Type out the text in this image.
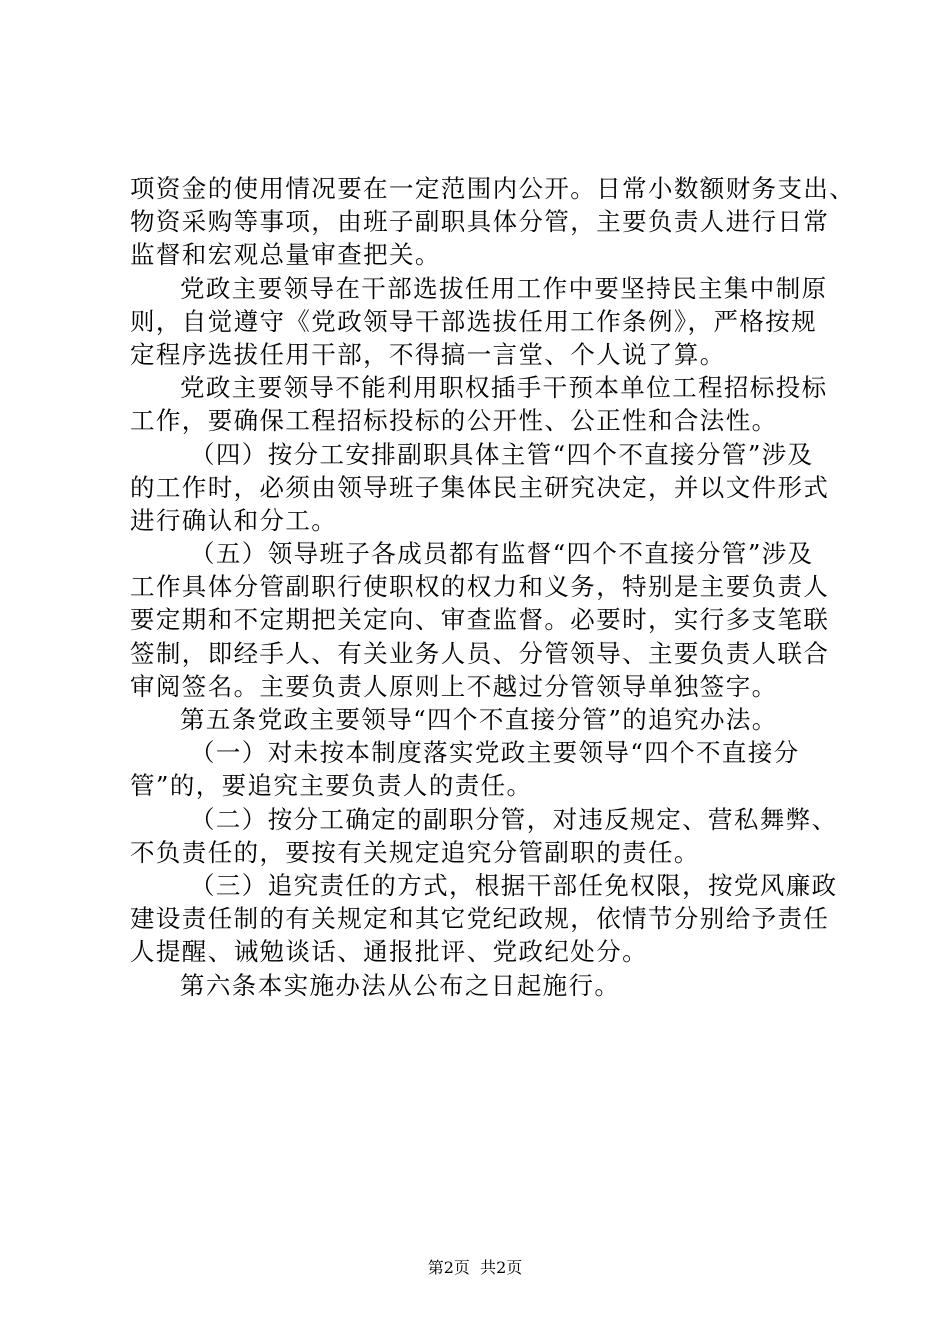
项资金的使用情况要在一定范围内公开。日常小数额财务支出、
物资采购等事项，由班子副职具体分管，主要负责人进行日常
监督和宏观总量审查把关。
党政主要领导在干部选拔任用工作中要坚持民主集中制原
则，自觉遵守《党政领导干部选拔任用工作条例》，严格按规
定程序选拔任用干部，不得搞一言堂、个人说了算。
党政主要领导不能利用职权插手干预本单位工程招标投标
工作，要确保工程招标投标的公开性、公正性和合法性。
（四）按分工安排副职具体主管“四个不直接分管”涉及
的工作时，必须由领导班子集体民主研究决定，并以文件形式
进行确认和分工。
（五）领导班子各成员都有监督“四个不直接分管”涉及
工作具体分管副职行使职权的权力和义务，特别是主要负责人
要定期和不定期把关定向、审查监督。必要时，实行多支笔联
签制，即经手人、有关业务人员、分管领导、主要负责人联合
审阅签名。主要负责人原则上不越过分管领导单独签字。
第五条党政主要领导“四个不直接分管”的追究办法。
（一）对未按本制度落实党政主要领导“四个不直接分
管”的，要追究主要负责人的责任。
（二）按分工确定的副职分管，对违反规定、营私舞弊、
不负责任的，要按有关规定追究分管副职的责任。
（三）追究责任的方式，根据干部任免权限，按党风廉政
建设责任制的有关规定和其它党纪政规，依情节分别给予责任
人提醒、诫勉谈话、通报批评、党政纪处分。
第六条本实施办法从公布之日起施行。
第2页  共2页
